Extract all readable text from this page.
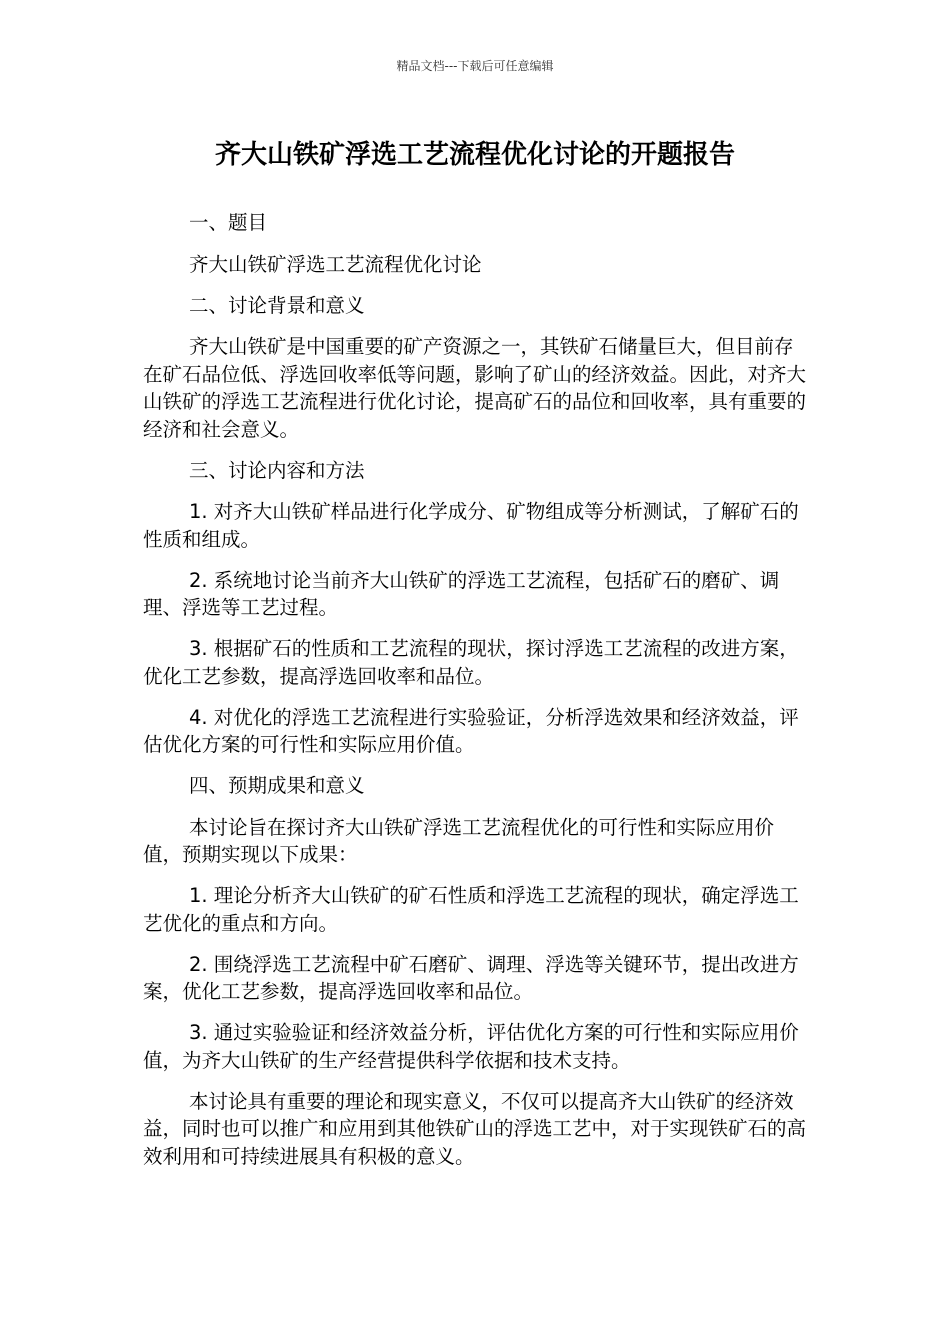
精品文档---下载后可任意编辑
齐大山铁矿浮选工艺流程优化讨论的开题报告

一、题目

齐大山铁矿浮选工艺流程优化讨论

二、讨论背景和意义

齐大山铁矿是中国重要的矿产资源之一，其铁矿石储量巨大，但目前存在矿石品位低、浮选回收率低等问题，影响了矿山的经济效益。因此，对齐大山铁矿的浮选工艺流程进行优化讨论，提高矿石的品位和回收率，具有重要的经济和社会意义。

三、讨论内容和方法

1. 对齐大山铁矿样品进行化学成分、矿物组成等分析测试，了解矿石的性质和组成。

2. 系统地讨论当前齐大山铁矿的浮选工艺流程，包括矿石的磨矿、调理、浮选等工艺过程。

3. 根据矿石的性质和工艺流程的现状，探讨浮选工艺流程的改进方案，优化工艺参数，提高浮选回收率和品位。

4. 对优化的浮选工艺流程进行实验验证，分析浮选效果和经济效益，评估优化方案的可行性和实际应用价值。

四、预期成果和意义

本讨论旨在探讨齐大山铁矿浮选工艺流程优化的可行性和实际应用价值，预期实现以下成果：

1. 理论分析齐大山铁矿的矿石性质和浮选工艺流程的现状，确定浮选工艺优化的重点和方向。

2. 围绕浮选工艺流程中矿石磨矿、调理、浮选等关键环节，提出改进方案，优化工艺参数，提高浮选回收率和品位。

3. 通过实验验证和经济效益分析，评估优化方案的可行性和实际应用价值，为齐大山铁矿的生产经营提供科学依据和技术支持。

本讨论具有重要的理论和现实意义，不仅可以提高齐大山铁矿的经济效益，同时也可以推广和应用到其他铁矿山的浮选工艺中，对于实现铁矿石的高效利用和可持续进展具有积极的意义。
